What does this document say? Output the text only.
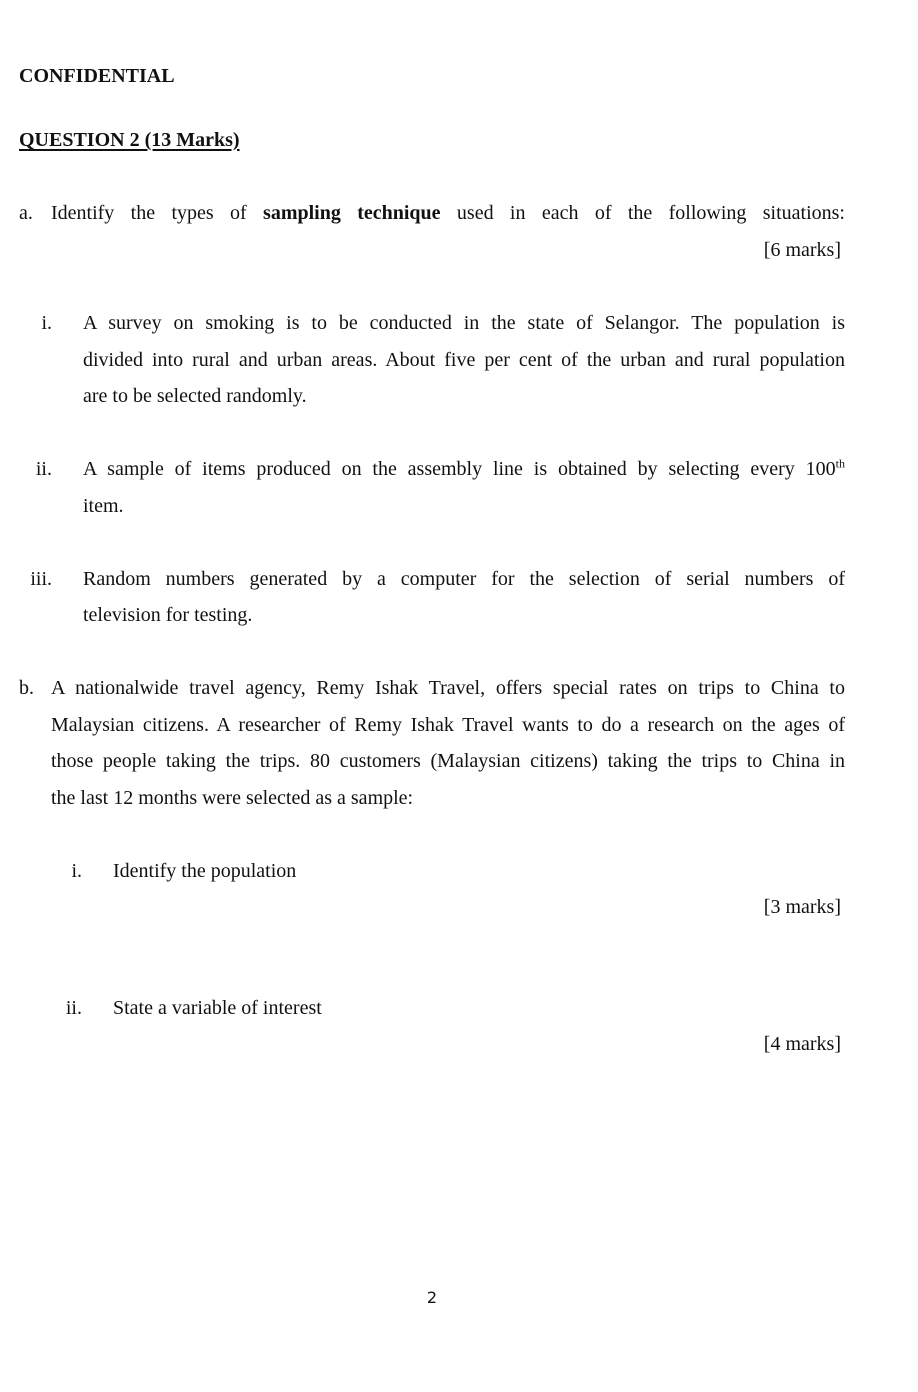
CONFIDENTIAL
QUESTION 2 (13 Marks)
a. Identify the types of sampling technique used in each of the following situations:
[6 marks]
i. A survey on smoking is to be conducted in the state of Selangor. The population is
divided into rural and urban areas. About five per cent of the urban and rural population
are to be selected randomly.
ii. A sample of items produced on the assembly line is obtained by selecting every 100th
item.
iii. Random numbers generated by a computer for the selection of serial numbers of
television for testing.
b. A nationalwide travel agency, Remy Ishak Travel, offers special rates on trips to China to
Malaysian citizens. A researcher of Remy Ishak Travel wants to do a research on the ages of
those people taking the trips. 80 customers (Malaysian citizens) taking the trips to China in
the last 12 months were selected as a sample:
i. Identify the population
[3 marks]
ii. State a variable of interest
[4 marks]
2
